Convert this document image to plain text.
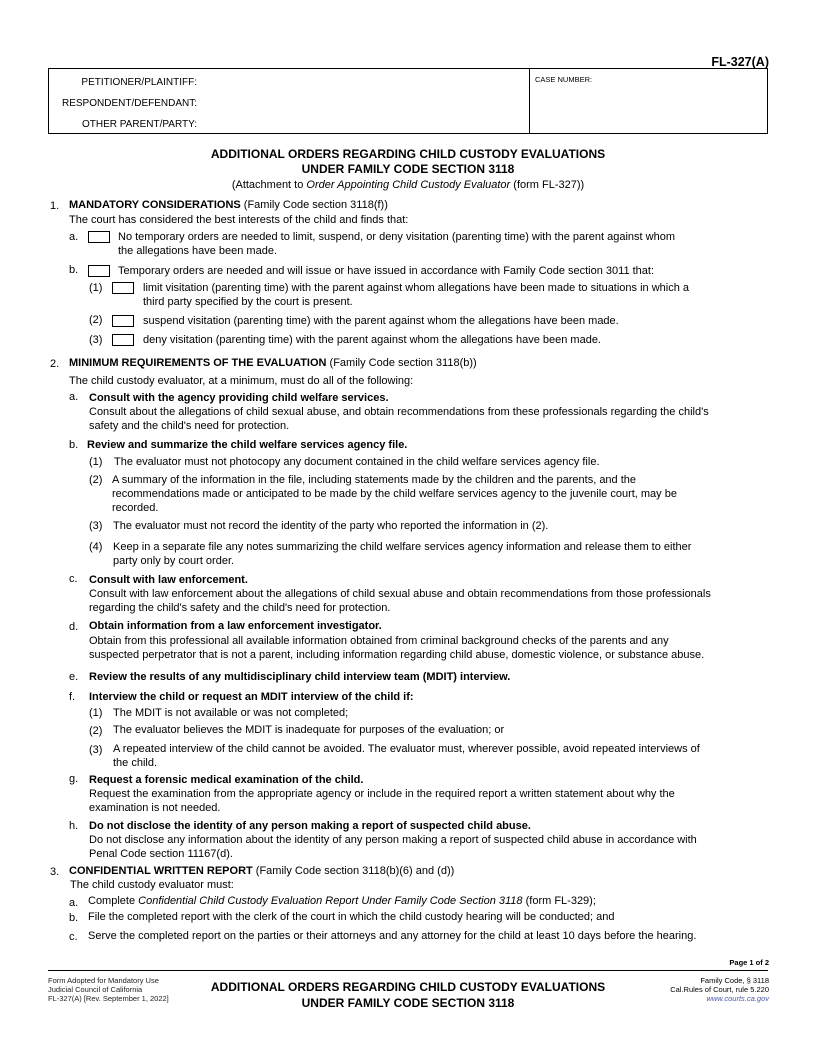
FL-327(A)
PETITIONER/PLAINTIFF:
RESPONDENT/DEFENDANT:
OTHER PARENT/PARTY:
CASE NUMBER:
ADDITIONAL ORDERS REGARDING CHILD CUSTODY EVALUATIONS
UNDER FAMILY CODE SECTION 3118
(Attachment to Order Appointing Child Custody Evaluator (form FL-327))
1. MANDATORY CONSIDERATIONS (Family Code section 3118(f))
The court has considered the best interests of the child and finds that:
a.	No temporary orders are needed to limit, suspend, or deny visitation (parenting time) with the parent against whom
the allegations have been made.
b.	Temporary orders are needed and will issue or have issued in accordance with Family Code section 3011 that:
(1)	limit visitation (parenting time) with the parent against whom allegations have been made to situations in which a
third party specified by the court is present.
(2)	suspend visitation (parenting time) with the parent against whom the allegations have been made.
(3)	deny visitation (parenting time) with the parent against whom the allegations have been made.
2. MINIMUM REQUIREMENTS OF THE EVALUATION (Family Code section 3118(b))
The child custody evaluator, at a minimum, must do all of the following:
a. Consult with the agency providing child welfare services.
Consult about the allegations of child sexual abuse, and obtain recommendations from these professionals regarding the child's
safety and the child's need for protection.
b. Review and summarize the child welfare services agency file.
(1) The evaluator must not photocopy any document contained in the child welfare services agency file.
(2) A summary of the information in the file, including statements made by the children and the parents, and the
recommendations made or anticipated to be made by the child welfare services agency to the juvenile court, may be
recorded.
(3) The evaluator must not record the identity of the party who reported the information in (2).
(4) Keep in a separate file any notes summarizing the child welfare services agency information and release them to either
party only by court order.
c. Consult with law enforcement.
Consult with law enforcement about the allegations of child sexual abuse and obtain recommendations from those professionals
regarding the child's safety and the child's need for protection.
d. Obtain information from a law enforcement investigator.
Obtain from this professional all available information obtained from criminal background checks of the parents and any
suspected perpetrator that is not a parent, including information regarding child abuse, domestic violence, or substance abuse.
e. Review the results of any multidisciplinary child interview team (MDIT) interview.
f. Interview the child or request an MDIT interview of the child if:
(1) The MDIT is not available or was not completed;
(2) The evaluator believes the MDIT is inadequate for purposes of the evaluation; or
(3) A repeated interview of the child cannot be avoided. The evaluator must, wherever possible, avoid repeated interviews of
the child.
g. Request a forensic medical examination of the child.
Request the examination from the appropriate agency or include in the required report a written statement about why the
examination is not needed.
h. Do not disclose the identity of any person making a report of suspected child abuse.
Do not disclose any information about the identity of any person making a report of suspected child abuse in accordance with
Penal Code section 11167(d).
3. CONFIDENTIAL WRITTEN REPORT (Family Code section 3118(b)(6) and (d))
The child custody evaluator must:
a. Complete Confidential Child Custody Evaluation Report Under Family Code Section 3118 (form FL-329);
b. File the completed report with the clerk of the court in which the child custody hearing will be conducted; and
c. Serve the completed report on the parties or their attorneys and any attorney for the child at least 10 days before the hearing.
Page 1 of 2
Form Adopted for Mandatory Use
Judicial Council of California
FL-327(A) [Rev. September 1, 2022]
ADDITIONAL ORDERS REGARDING CHILD CUSTODY EVALUATIONS
UNDER FAMILY CODE SECTION 3118
Family Code, § 3118
Cal.Rules of Court, rule 5.220
www.courts.ca.gov
